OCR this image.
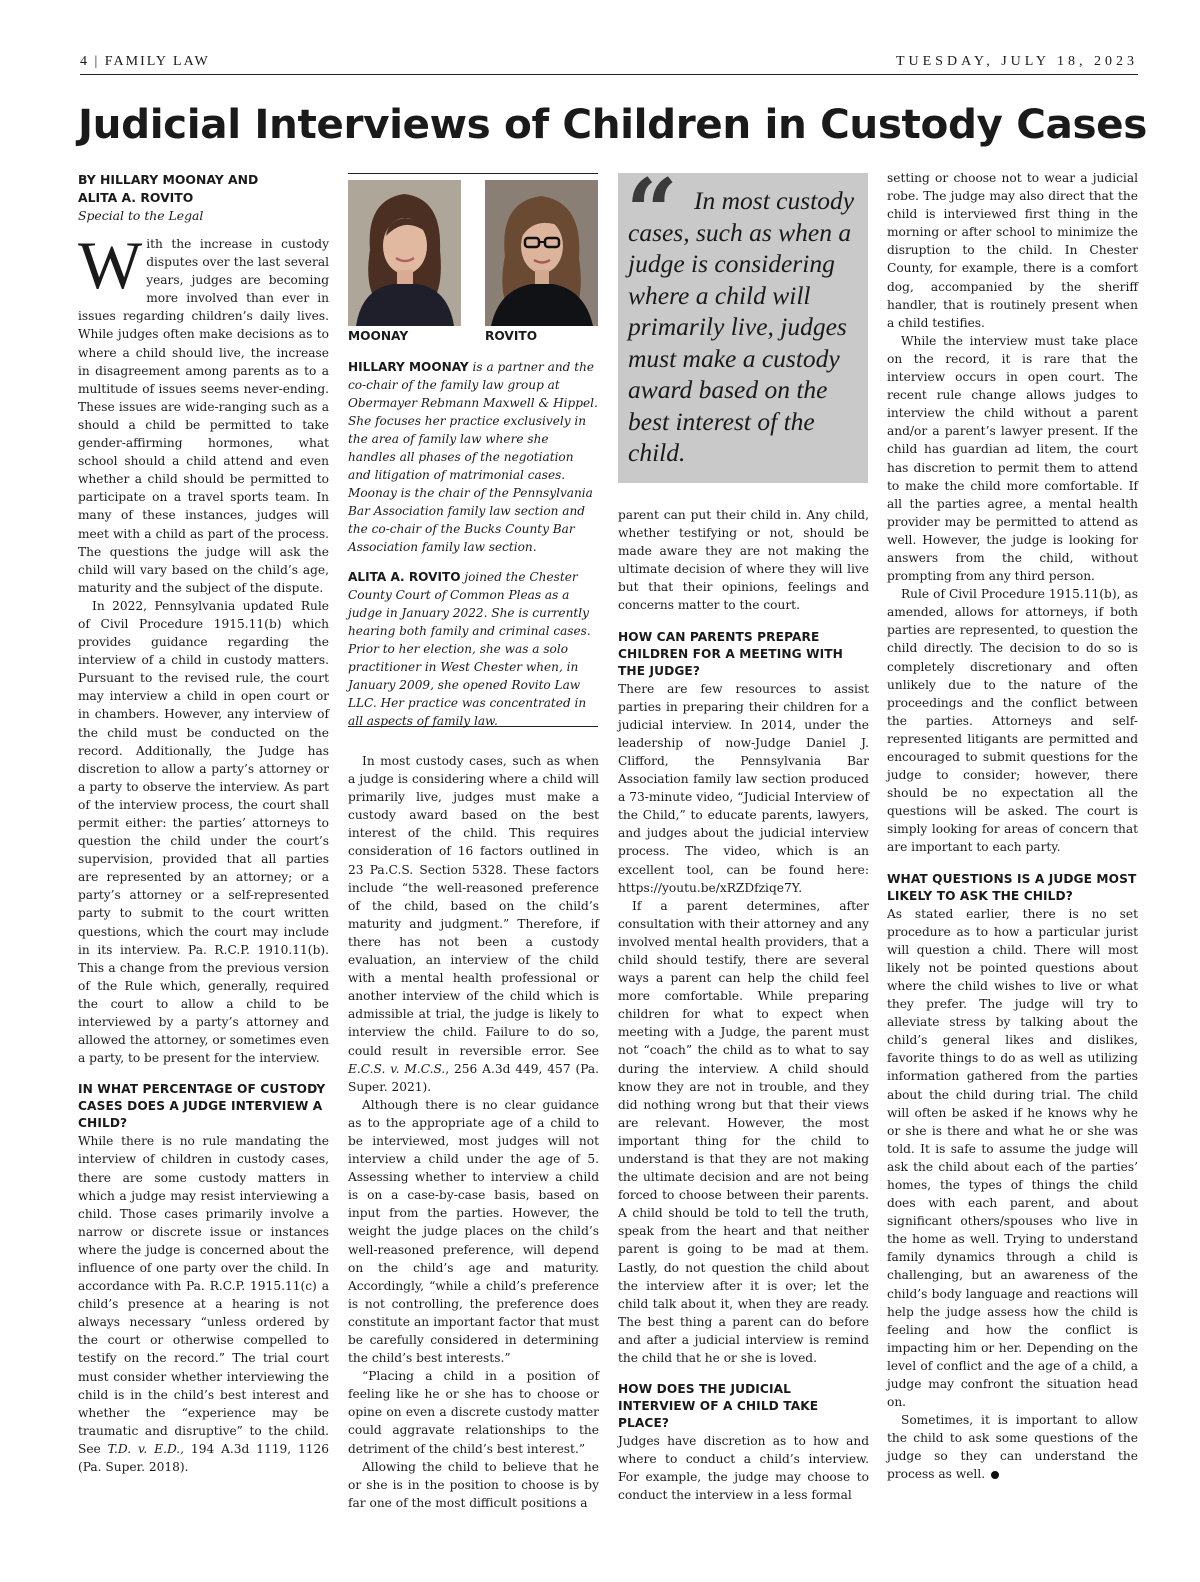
4 | FAMILY LAW	TUESDAY, JULY 18, 2023
Judicial Interviews of Children in Custody Cases
BY HILLARY MOONAY AND
ALITA A. ROVITO
Special to the Legal

With the increase in custody disputes over the last several years, judges are becoming more involved than ever in issues regarding children’s daily lives. While judges often make decisions as to where a child should live, the increase in disagreement among parents as to a multitude of issues seems never-ending. These issues are wide-ranging such as a should a child be permitted to take gender-affirming hormones, what school should a child attend and even whether a child should be permitted to participate on a travel sports team. In many of these instances, judges will meet with a child as part of the process. The questions the judge will ask the child will vary based on the child’s age, maturity and the subject of the dispute.

In 2022, Pennsylvania updated Rule of Civil Procedure 1915.11(b) which provides guidance regarding the interview of a child in custody matters. Pursuant to the revised rule, the court may interview a child in open court or in chambers. However, any interview of the child must be conducted on the record. Additionally, the Judge has discretion to allow a party’s attorney or a party to observe the interview. As part of the interview process, the court shall permit either: the parties’ attorneys to question the child under the court’s supervision, provided that all parties are represented by an attorney; or a party’s attorney or a self-represented party to submit to the court written questions, which the court may include in its interview. Pa. R.C.P. 1910.11(b). This a change from the previous version of the Rule which, generally, required the court to allow a child to be interviewed by a party’s attorney and allowed the attorney, or sometimes even a party, to be present for the interview.

IN WHAT PERCENTAGE OF CUSTODY CASES DOES A JUDGE INTERVIEW A CHILD?

While there is no rule mandating the interview of children in custody cases, there are some custody matters in which a judge may resist interviewing a child. Those cases primarily involve a narrow or discrete issue or instances where the judge is concerned about the influence of one party over the child. In accordance with Pa. R.C.P. 1915.11(c) a child’s presence at a hearing is not always necessary “unless ordered by the court or otherwise compelled to testify on the record.” The trial court must consider whether interviewing the child is in the child’s best interest and whether the “experience may be traumatic and disruptive” to the child. See T.D. v. E.D., 194 A.3d 1119, 1126 (Pa. Super. 2018).

MOONAY	ROVITO
HILLARY MOONAY is a partner and the co-chair of the family law group at Obermayer Rebmann Maxwell & Hippel. She focuses her practice exclusively in the area of family law where she handles all phases of the negotiation and litigation of matrimonial cases. Moonay is the chair of the Pennsylvania Bar Association family law section and the co-chair of the Bucks County Bar Association family law section.
ALITA A. ROVITO joined the Chester County Court of Common Pleas as a judge in January 2022. She is currently hearing both family and criminal cases. Prior to her election, she was a solo practitioner in West Chester when, in January 2009, she opened Rovito Law LLC. Her practice was concentrated in all aspects of family law.

In most custody cases, such as when a judge is considering where a child will primarily live, judges must make a custody award based on the best interest of the child. This requires consideration of 16 factors outlined in 23 Pa.C.S. Section 5328. These factors include “the well-reasoned preference of the child, based on the child’s maturity and judgment.” Therefore, if there has not been a custody evaluation, an interview of the child with a mental health professional or another interview of the child which is admissible at trial, the judge is likely to interview the child. Failure to do so, could result in reversible error. See E.C.S. v. M.C.S., 256 A.3d 449, 457 (Pa. Super. 2021).

Although there is no clear guidance as to the appropriate age of a child to be interviewed, most judges will not interview a child under the age of 5. Assessing whether to interview a child is on a case-by-case basis, based on input from the parties. However, the weight the judge places on the child’s well-reasoned preference, will depend on the child’s age and maturity. Accordingly, “while a child’s preference is not controlling, the preference does constitute an important factor that must be carefully considered in determining the child’s best interests.”

“Placing a child in a position of feeling like he or she has to choose or opine on even a discrete custody matter could aggravate relationships to the detriment of the child’s best interest.”

Allowing the child to believe that he or she is in the position to choose is by far one of the most difficult positions a

“ In most custody cases, such as when a judge is considering where a child will primarily live, judges must make a custody award based on the best interest of the child.

parent can put their child in. Any child, whether testifying or not, should be made aware they are not making the ultimate decision of where they will live but that their opinions, feelings and concerns matter to the court.

HOW CAN PARENTS PREPARE CHILDREN FOR A MEETING WITH THE JUDGE?

There are few resources to assist parties in preparing their children for a judicial interview. In 2014, under the leadership of now-Judge Daniel J. Clifford, the Pennsylvania Bar Association family law section produced a 73-minute video, “Judicial Interview of the Child,” to educate parents, lawyers, and judges about the judicial interview process. The video, which is an excellent tool, can be found here: https://youtu.be/xRZDfziqe7Y.

If a parent determines, after consultation with their attorney and any involved mental health providers, that a child should testify, there are several ways a parent can help the child feel more comfortable. While preparing children for what to expect when meeting with a Judge, the parent must not “coach” the child as to what to say during the interview. A child should know they are not in trouble, and they did nothing wrong but that their views are relevant. However, the most important thing for the child to understand is that they are not making the ultimate decision and are not being forced to choose between their parents. A child should be told to tell the truth, speak from the heart and that neither parent is going to be mad at them. Lastly, do not question the child about the interview after it is over; let the child talk about it, when they are ready. The best thing a parent can do before and after a judicial interview is remind the child that he or she is loved.

HOW DOES THE JUDICIAL INTERVIEW OF A CHILD TAKE PLACE?

Judges have discretion as to how and where to conduct a child’s interview. For example, the judge may choose to conduct the interview in a less formal

setting or choose not to wear a judicial robe. The judge may also direct that the child is interviewed first thing in the morning or after school to minimize the disruption to the child. In Chester County, for example, there is a comfort dog, accompanied by the sheriff handler, that is routinely present when a child testifies.

While the interview must take place on the record, it is rare that the interview occurs in open court. The recent rule change allows judges to interview the child without a parent and/or a parent’s lawyer present. If the child has guardian ad litem, the court has discretion to permit them to attend to make the child more comfortable. If all the parties agree, a mental health provider may be permitted to attend as well. However, the judge is looking for answers from the child, without prompting from any third person.

Rule of Civil Procedure 1915.11(b), as amended, allows for attorneys, if both parties are represented, to question the child directly. The decision to do so is completely discretionary and often unlikely due to the nature of the proceedings and the conflict between the parties. Attorneys and self-represented litigants are permitted and encouraged to submit questions for the judge to consider; however, there should be no expectation all the questions will be asked. The court is simply looking for areas of concern that are important to each party.

WHAT QUESTIONS IS A JUDGE MOST LIKELY TO ASK THE CHILD?

As stated earlier, there is no set procedure as to how a particular jurist will question a child. There will most likely not be pointed questions about where the child wishes to live or what they prefer. The judge will try to alleviate stress by talking about the child’s general likes and dislikes, favorite things to do as well as utilizing information gathered from the parties about the child during trial. The child will often be asked if he knows why he or she is there and what he or she was told. It is safe to assume the judge will ask the child about each of the parties’ homes, the types of things the child does with each parent, and about significant others/spouses who live in the home as well. Trying to understand family dynamics through a child is challenging, but an awareness of the child’s body language and reactions will help the judge assess how the child is feeling and how the conflict is impacting him or her. Depending on the level of conflict and the age of a child, a judge may confront the situation head on.

Sometimes, it is important to allow the child to ask some questions of the judge so they can understand the process as well.
